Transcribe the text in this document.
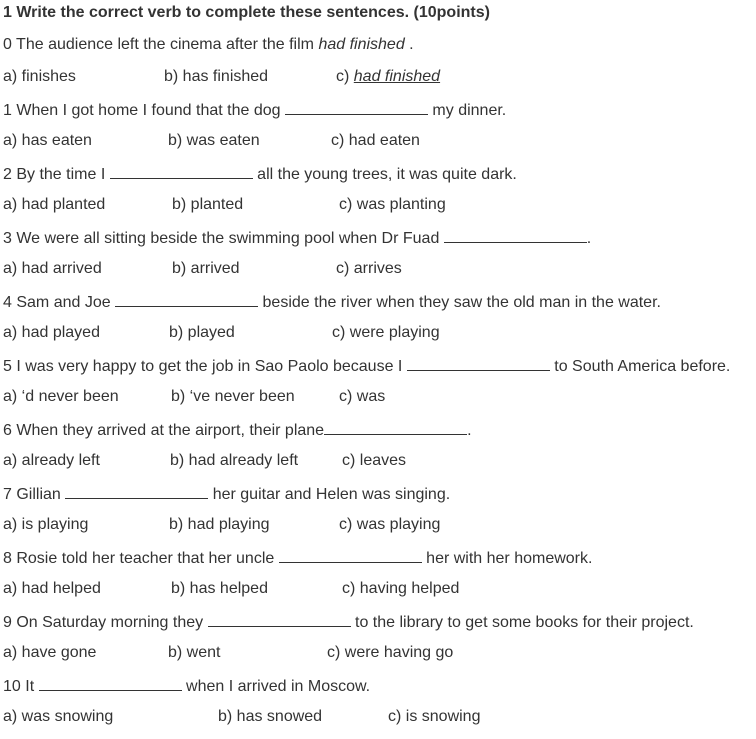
1 Write the correct verb to complete these sentences. (10points)
0 The audience left the cinema after the film had finished .
a) finishes	b) has finished	c) had finished
1 When I got home I found that the dog	my dinner.
a) has eaten	b) was eaten	c) had eaten
2 By the time I	all the young trees, it was quite dark.
a) had planted	b) planted	c) was planting
3 We were all sitting beside the swimming pool when Dr Fuad	.
a) had arrived	b) arrived	c) arrives
4 Sam and Joe	beside the river when they saw the old man in the water.
a) had played	b) played	c) were playing
5 I was very happy to get the job in Sao Paolo because I	to South America before.
a) ‘d never been	b) ‘ve never been	c) was
6 When they arrived at the airport, their plane	.
a) already left	b) had already left	c) leaves
7 Gillian	her guitar and Helen was singing.
a) is playing	b) had playing	c) was playing
8 Rosie told her teacher that her uncle	her with her homework.
a) had helped	b) has helped	c) having helped
9 On Saturday morning they	to the library to get some books for their project.
a) have gone	b) went	c) were having go
10 It	when I arrived in Moscow.
a) was snowing	b) has snowed	c) is snowing
